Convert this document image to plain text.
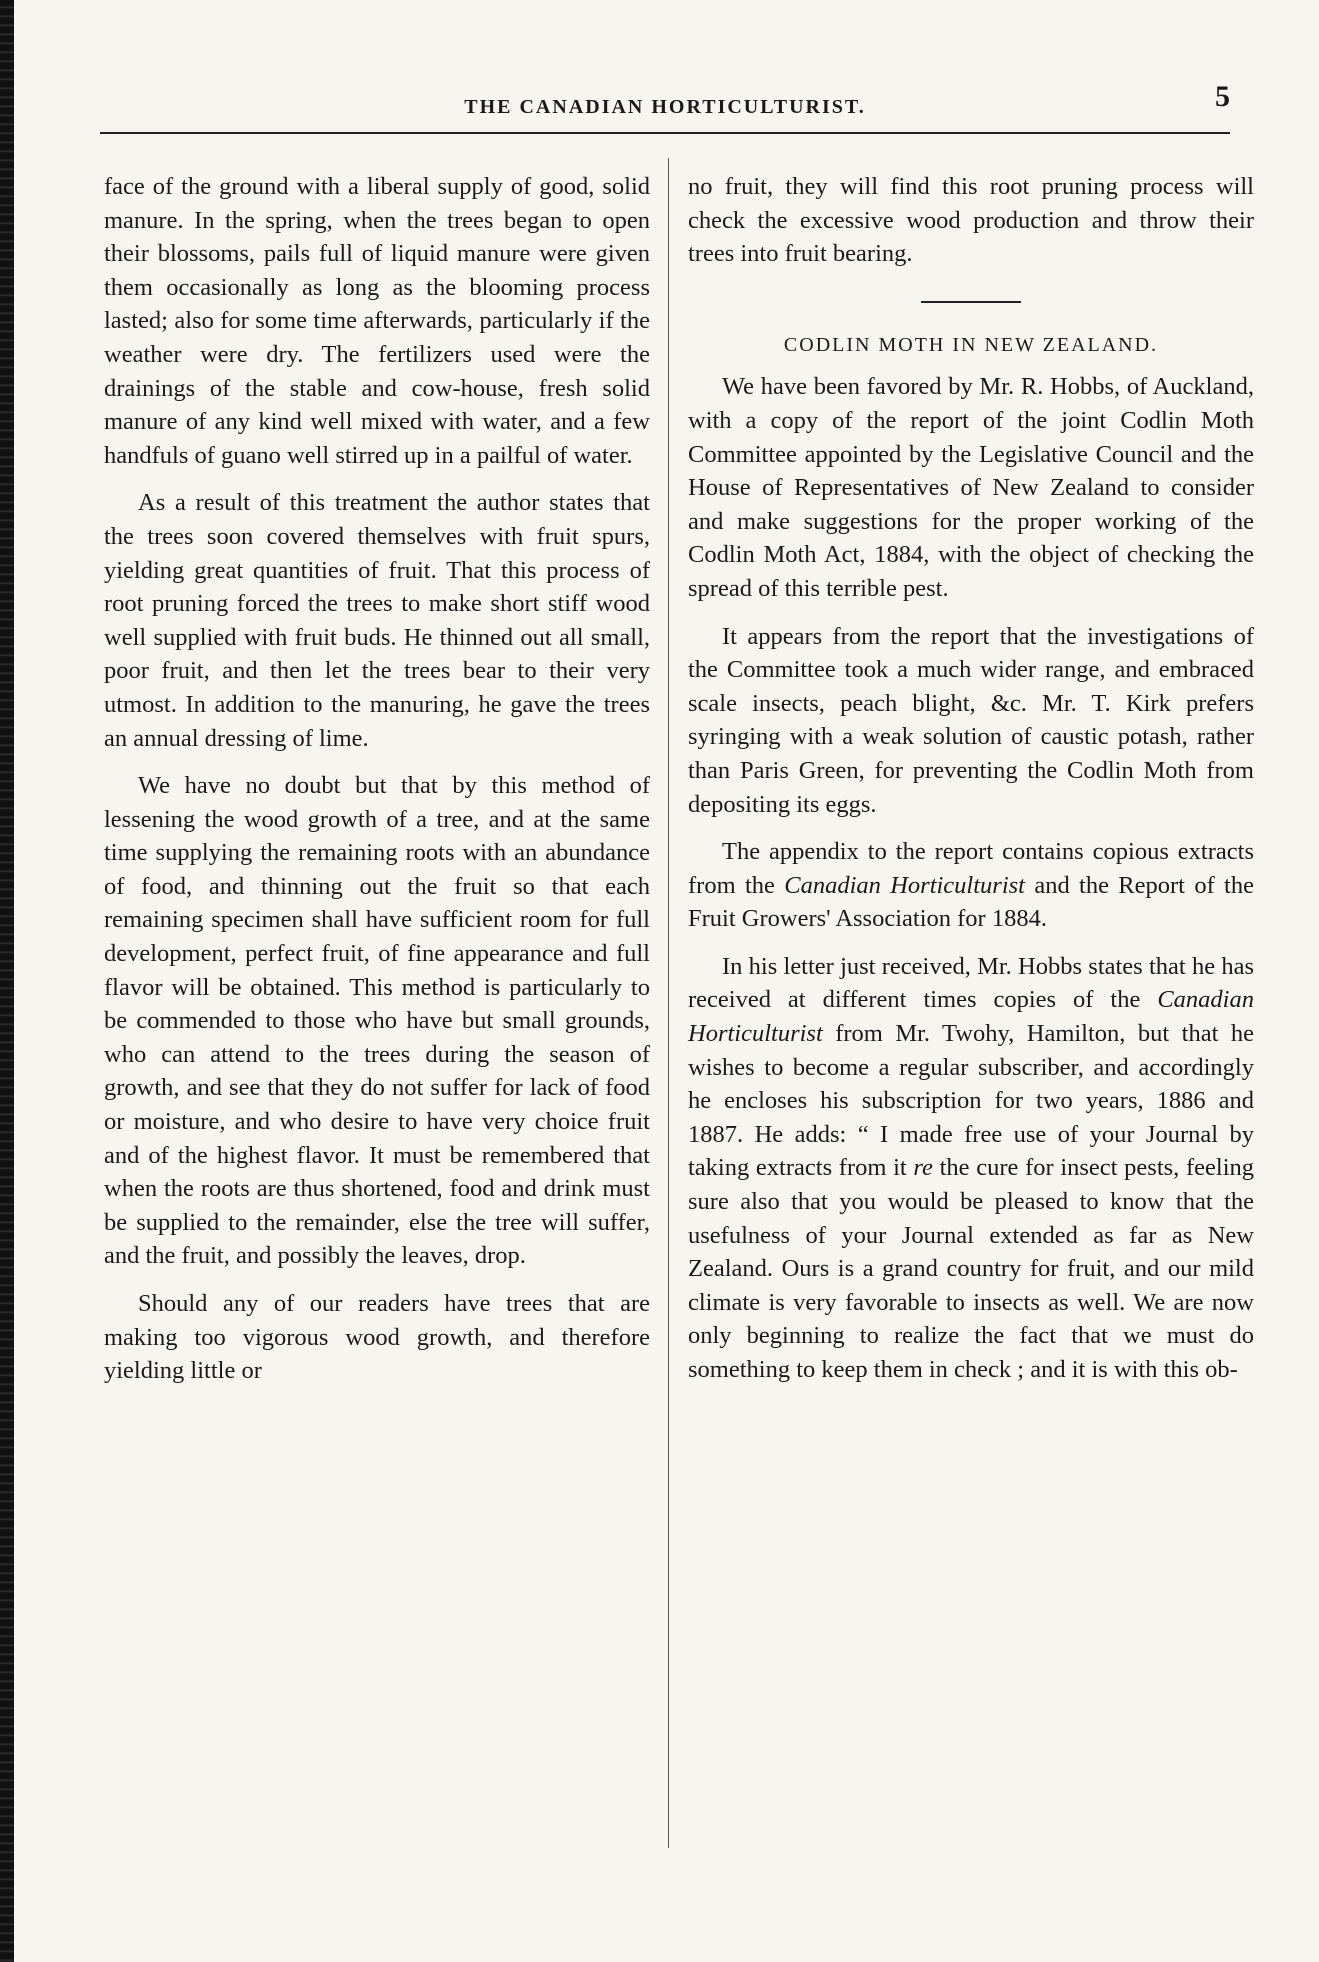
THE CANADIAN HORTICULTURIST.	5

face of the ground with a liberal supply of good, solid manure. In the spring, when the trees began to open their blossoms, pails full of liquid manure were given them occasionally as long as the blooming process lasted; also for some time afterwards, particularly if the weather were dry. The fertilizers used were the drainings of the stable and cow-house, fresh solid manure of any kind well mixed with water, and a few handfuls of guano well stirred up in a pailful of water.

As a result of this treatment the author states that the trees soon covered themselves with fruit spurs, yielding great quantities of fruit. That this process of root pruning forced the trees to make short stiff wood well supplied with fruit buds. He thinned out all small, poor fruit, and then let the trees bear to their very utmost. In addition to the manuring, he gave the trees an annual dressing of lime.

We have no doubt but that by this method of lessening the wood growth of a tree, and at the same time supplying the remaining roots with an abundance of food, and thinning out the fruit so that each remaining specimen shall have sufficient room for full development, perfect fruit, of fine appearance and full flavor will be obtained. This method is particularly to be commended to those who have but small grounds, who can attend to the trees during the season of growth, and see that they do not suffer for lack of food or moisture, and who desire to have very choice fruit and of the highest flavor. It must be remembered that when the roots are thus shortened, food and drink must be supplied to the remainder, else the tree will suffer, and the fruit, and possibly the leaves, drop.

Should any of our readers have trees that are making too vigorous wood growth, and therefore yielding little or

no fruit, they will find this root pruning process will check the excessive wood production and throw their trees into fruit bearing.

CODLIN MOTH IN NEW ZEALAND.

We have been favored by Mr. R. Hobbs, of Auckland, with a copy of the report of the joint Codlin Moth Committee appointed by the Legislative Council and the House of Representatives of New Zealand to consider and make suggestions for the proper working of the Codlin Moth Act, 1884, with the object of checking the spread of this terrible pest.

It appears from the report that the investigations of the Committee took a much wider range, and embraced scale insects, peach blight, &c. Mr. T. Kirk prefers syringing with a weak solution of caustic potash, rather than Paris Green, for preventing the Codlin Moth from depositing its eggs.

The appendix to the report contains copious extracts from the Canadian Horticulturist and the Report of the Fruit Growers' Association for 1884.

In his letter just received, Mr. Hobbs states that he has received at different times copies of the Canadian Horticulturist from Mr. Twohy, Hamilton, but that he wishes to become a regular subscriber, and accordingly he encloses his subscription for two years, 1886 and 1887. He adds: “ I made free use of your Journal by taking extracts from it re the cure for insect pests, feeling sure also that you would be pleased to know that the usefulness of your Journal extended as far as New Zealand. Ours is a grand country for fruit, and our mild climate is very favorable to insects as well. We are now only beginning to realize the fact that we must do something to keep them in check ; and it is with this ob-
